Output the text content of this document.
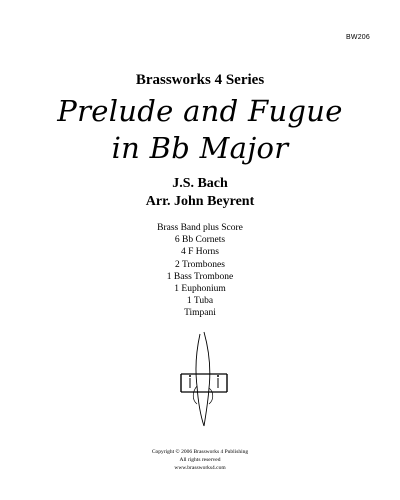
BW206
Brassworks 4 Series
Prelude and Fugue
in Bb Major
J.S. Bach
Arr. John Beyrent
Brass Band plus Score
6 Bb Cornets
4 F Horns
2 Trombones
1 Bass Trombone
1 Euphonium
1 Tuba
Timpani
Copyright © 2006 Brassworks 4 Publishing
All rights reserved
www.brassworks4.com
